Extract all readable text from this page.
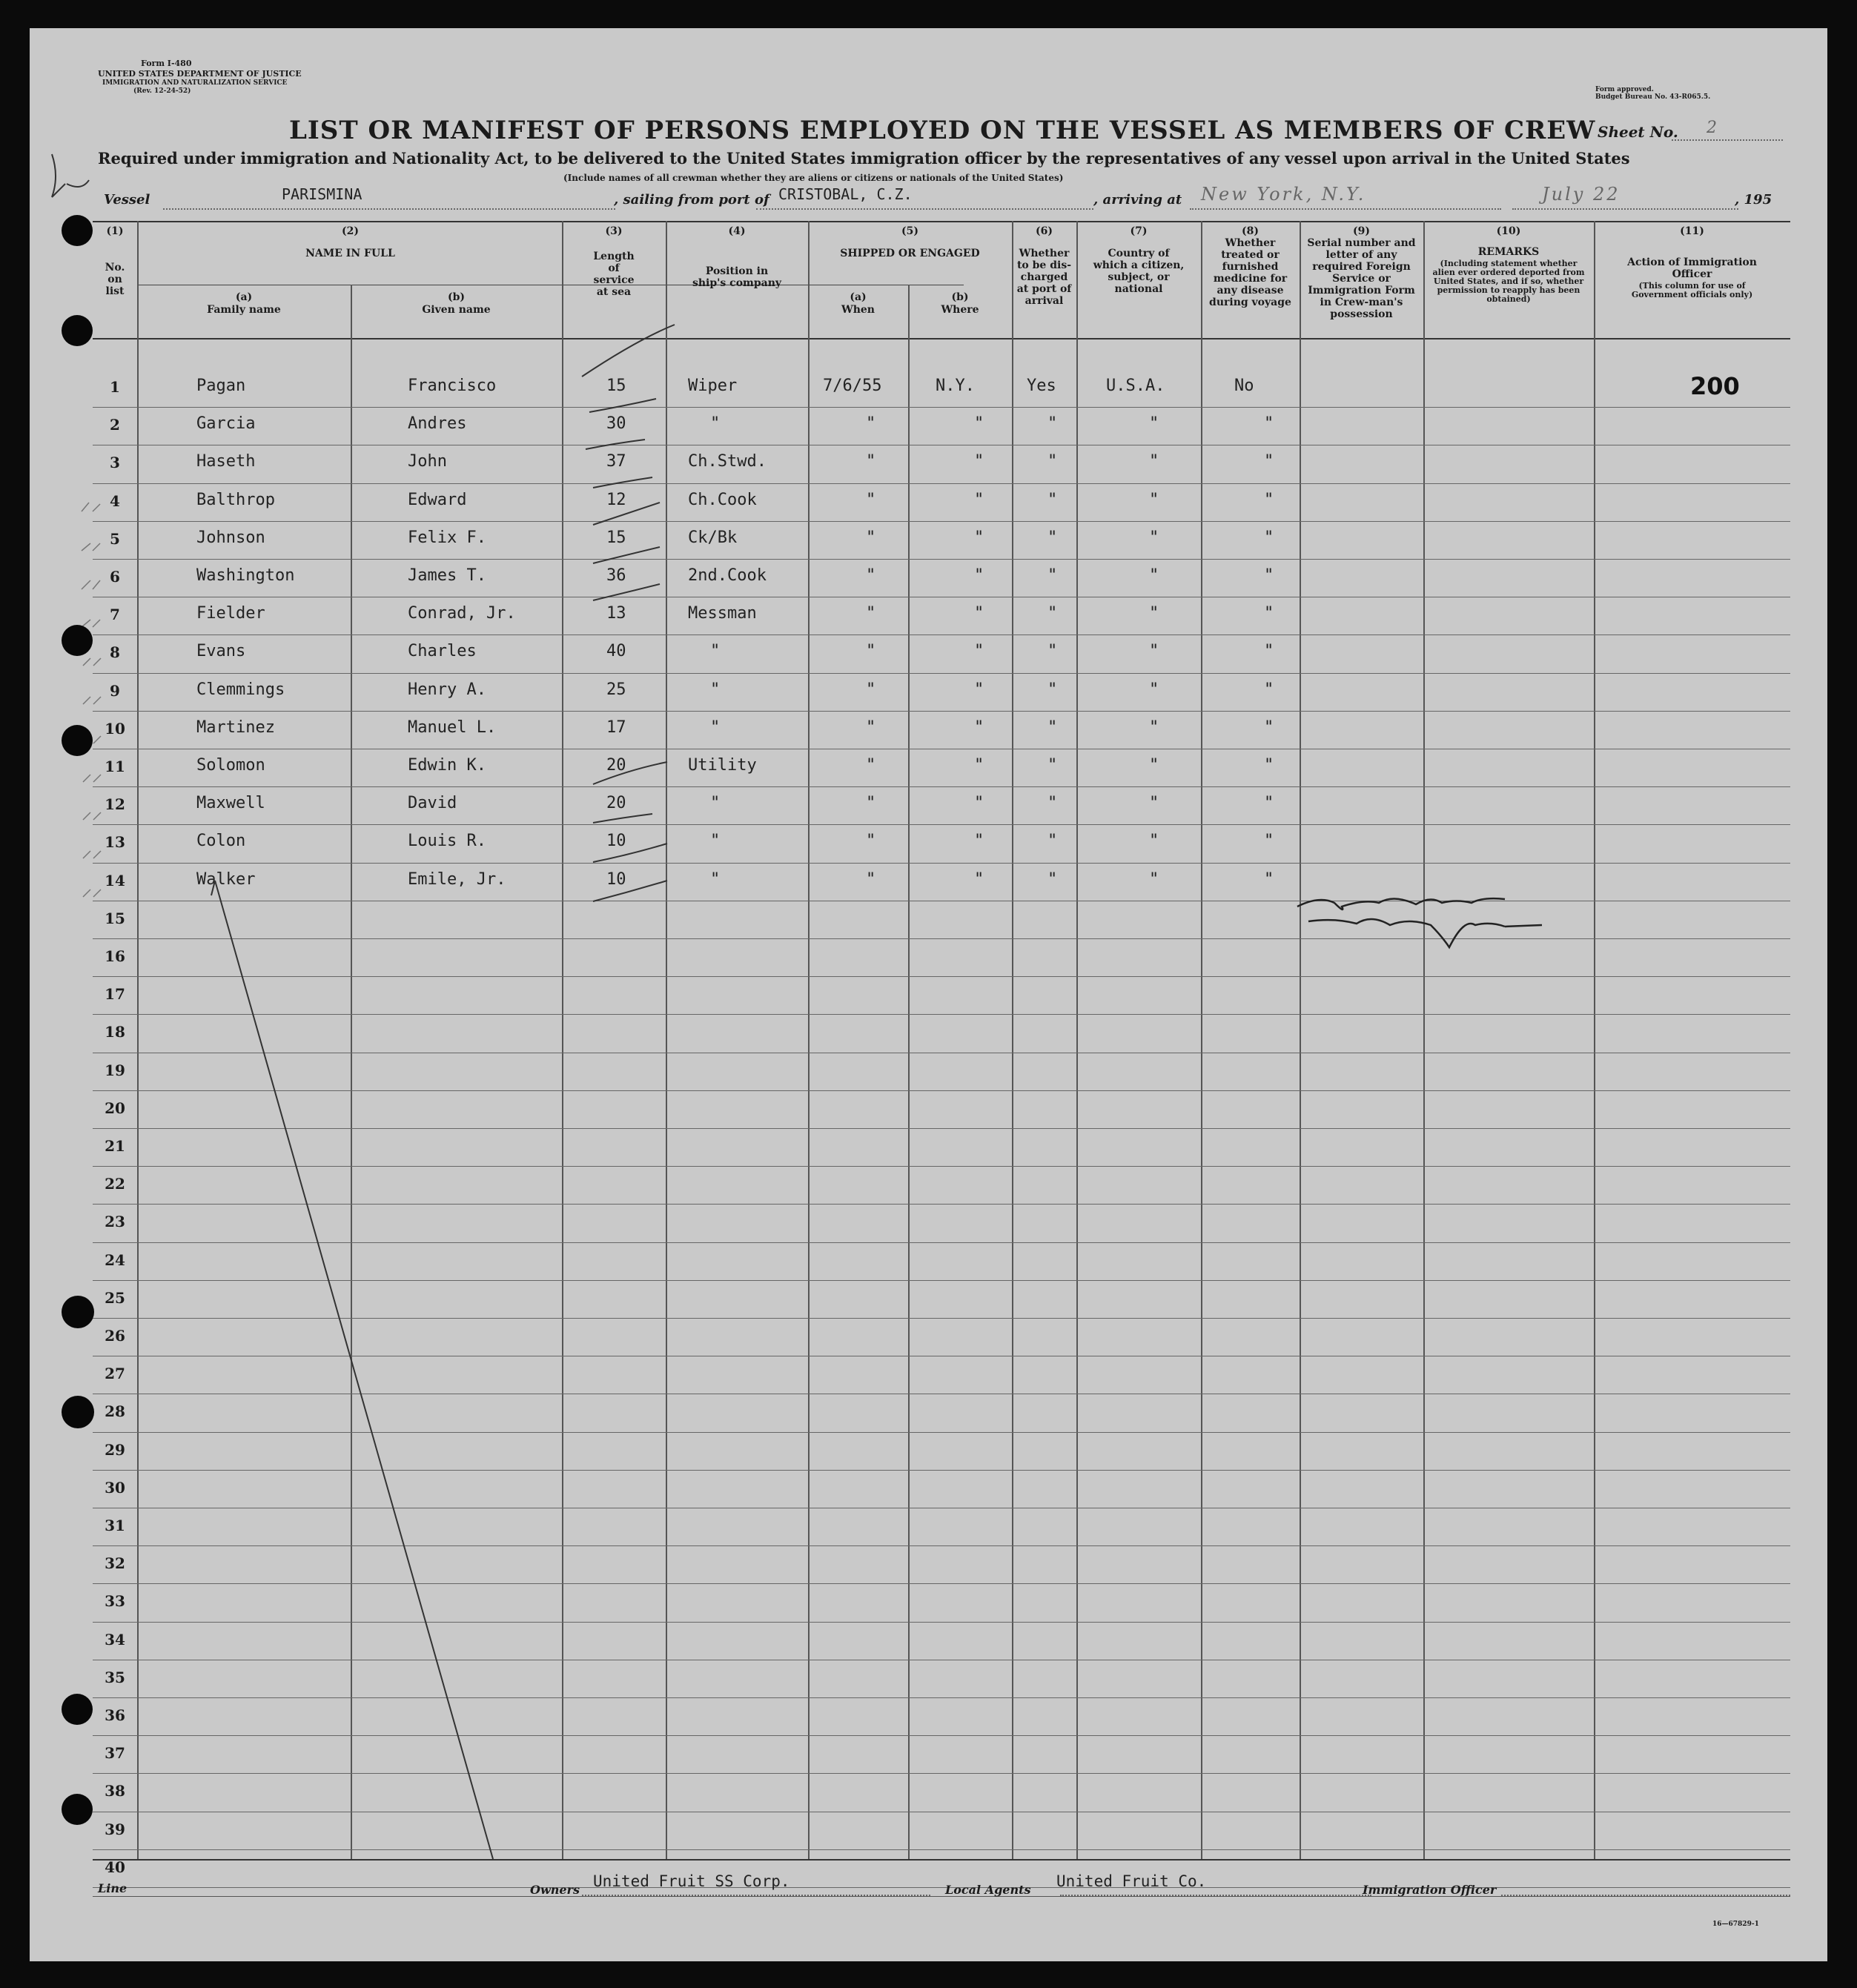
Form I-480
UNITED STATES DEPARTMENT OF JUSTICE
IMMIGRATION AND NATURALIZATION SERVICE
(Rev. 12-24-52)	Form approved.
Budget Bureau No. 43-R065.5.
LIST OR MANIFEST OF PERSONS EMPLOYED ON THE VESSEL AS MEMBERS OF CREW Sheet No. 2
Required under immigration and Nationality Act, to be delivered to the United States immigration officer by the representatives of any vessel upon arrival in the United States
(Include names of all crewman whether they are aliens or citizens or nationals of the United States)
Vessel	PARISMINA	, sailing from port of CRISTOBAL, C.Z.	, arriving at New York, N.Y.	July 22	, 195
(1)
No. on list
(2)
NAME IN FULL
(a)
Family name
(b)
Given name
(3)
Length of service at sea
(4)
Position in ship's company
(5)
SHIPPED OR ENGAGED
(a)
When
(b)
Where
(6)
Whether to be dis-charged at port of arrival
(7)
Country of which a citizen, subject, or national
(8)
Whether treated or furnished medicine for any disease during voyage
(9)
Serial number and letter of any required Foreign Service or Immigration Form in Crew-man's possession
(10)
REMARKS
(Including statement whether alien ever ordered deported from United States, and if so, whether permission to reapply has been obtained)
(11)
Action of Immigration Officer
(This column for use of Government officials only)
1	Pagan	Francisco	15	Wiper	7/6/55	N.Y.	Yes	U.S.A.	No
2	Garcia	Andres	30	"	"	"	"	"	"
3	Haseth	John	37	Ch.Stwd.	"	"	"	"	"
4	Balthrop	Edward	12	Ch.Cook	"	"	"	"	"
5	Johnson	Felix F.	15	Ck/Bk	"	"	"	"	"
6	Washington	James T.	36	2nd.Cook	"	"	"	"	"
7	Fielder	Conrad, Jr.	13	Messman	"	"	"	"	"
8	Evans	Charles	40	"	"	"	"	"	"
9	Clemmings	Henry A.	25	"	"	"	"	"	"
10	Martinez	Manuel L.	17	"	"	"	"	"	"
11	Solomon	Edwin K.	20	Utility	"	"	"	"	"
12	Maxwell	David	20	"	"	"	"	"	"
13	Colon	Louis R.	10	"	"	"	"	"	"
14	Walker	Emile, Jr.	10	"	"	"	"	"	"
15
16
17
18
19
20
21
22
23
24
25
26
27
28
29
30
31
32
33
34
35
36
37
38
39
40
200
Line	Owners United Fruit SS Corp.	Local Agents United Fruit Co.	Immigration Officer
16—67829-1
